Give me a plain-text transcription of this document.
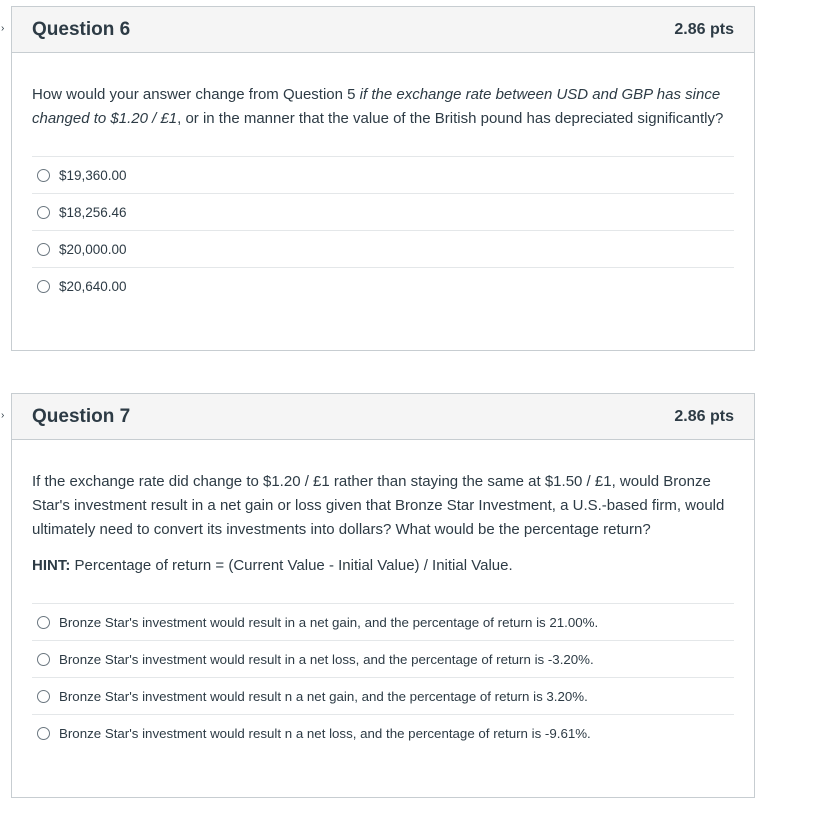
› Question 6	2.86 pts

How would your answer change from Question 5 if the exchange rate between USD and GBP has since changed to $1.20 / £1, or in the manner that the value of the British pound has depreciated significantly?

$19,360.00
$18,256.46
$20,000.00
$20,640.00
› Question 7	2.86 pts

If the exchange rate did change to $1.20 / £1 rather than staying the same at $1.50 / £1, would Bronze Star's investment result in a net gain or loss given that Bronze Star Investment, a U.S.-based firm, would ultimately need to convert its investments into dollars? What would be the percentage return?

HINT: Percentage of return = (Current Value - Initial Value) / Initial Value.

Bronze Star's investment would result in a net gain, and the percentage of return is 21.00%.
Bronze Star's investment would result in a net loss, and the percentage of return is -3.20%.
Bronze Star's investment would result n a net gain, and the percentage of return is 3.20%.
Bronze Star's investment would result n a net loss, and the percentage of return is -9.61%.
